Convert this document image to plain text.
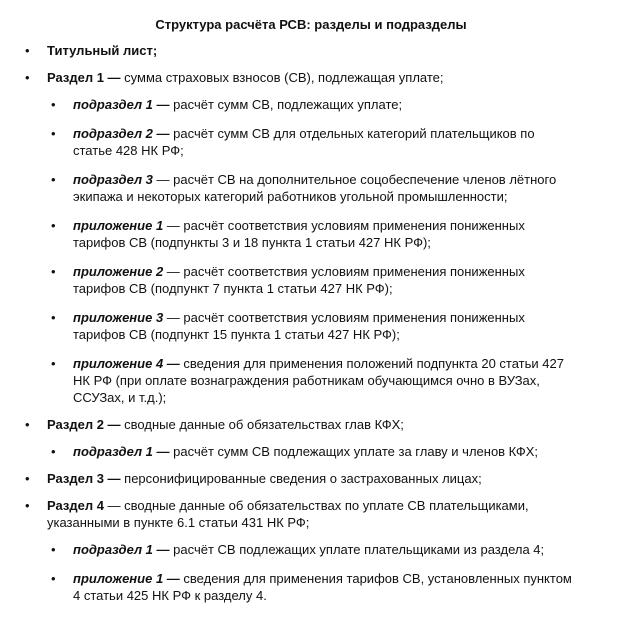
Структура расчёта РСВ: разделы и подразделы
• Титульный лист;
• Раздел 1 — сумма страховых взносов (СВ), подлежащая уплате;
• подраздел 1 — расчёт сумм СВ, подлежащих уплате;
• подраздел 2 — расчёт сумм СВ для отдельных категорий плательщиков по статье 428 НК РФ;
• подраздел 3 — расчёт СВ на дополнительное соцобеспечение членов лётного экипажа и некоторых категорий работников угольной промышленности;
• приложение 1 — расчёт соответствия условиям применения пониженных тарифов СВ (подпункты 3 и 18 пункта 1 статьи 427 НК РФ);
• приложение 2 — расчёт соответствия условиям применения пониженных тарифов СВ (подпункт 7 пункта 1 статьи 427 НК РФ);
• приложение 3 — расчёт соответствия условиям применения пониженных тарифов СВ (подпункт 15 пункта 1 статьи 427 НК РФ);
• приложение 4 — сведения для применения положений подпункта 20 статьи 427 НК РФ (при оплате вознаграждения работникам обучающимся очно в ВУЗах, ССУЗах, и т.д.);
• Раздел 2 — сводные данные об обязательствах глав КФХ;
• подраздел 1 — расчёт сумм СВ подлежащих уплате за главу и членов КФХ;
• Раздел 3 — персонифицированные сведения о застрахованных лицах;
• Раздел 4 — сводные данные об обязательствах по уплате СВ плательщиками, указанными в пункте 6.1 статьи 431 НК РФ;
• подраздел 1 — расчёт СВ подлежащих уплате плательщиками из раздела 4;
• приложение 1 — сведения для применения тарифов СВ, установленных пунктом 4 статьи 425 НК РФ к разделу 4.
